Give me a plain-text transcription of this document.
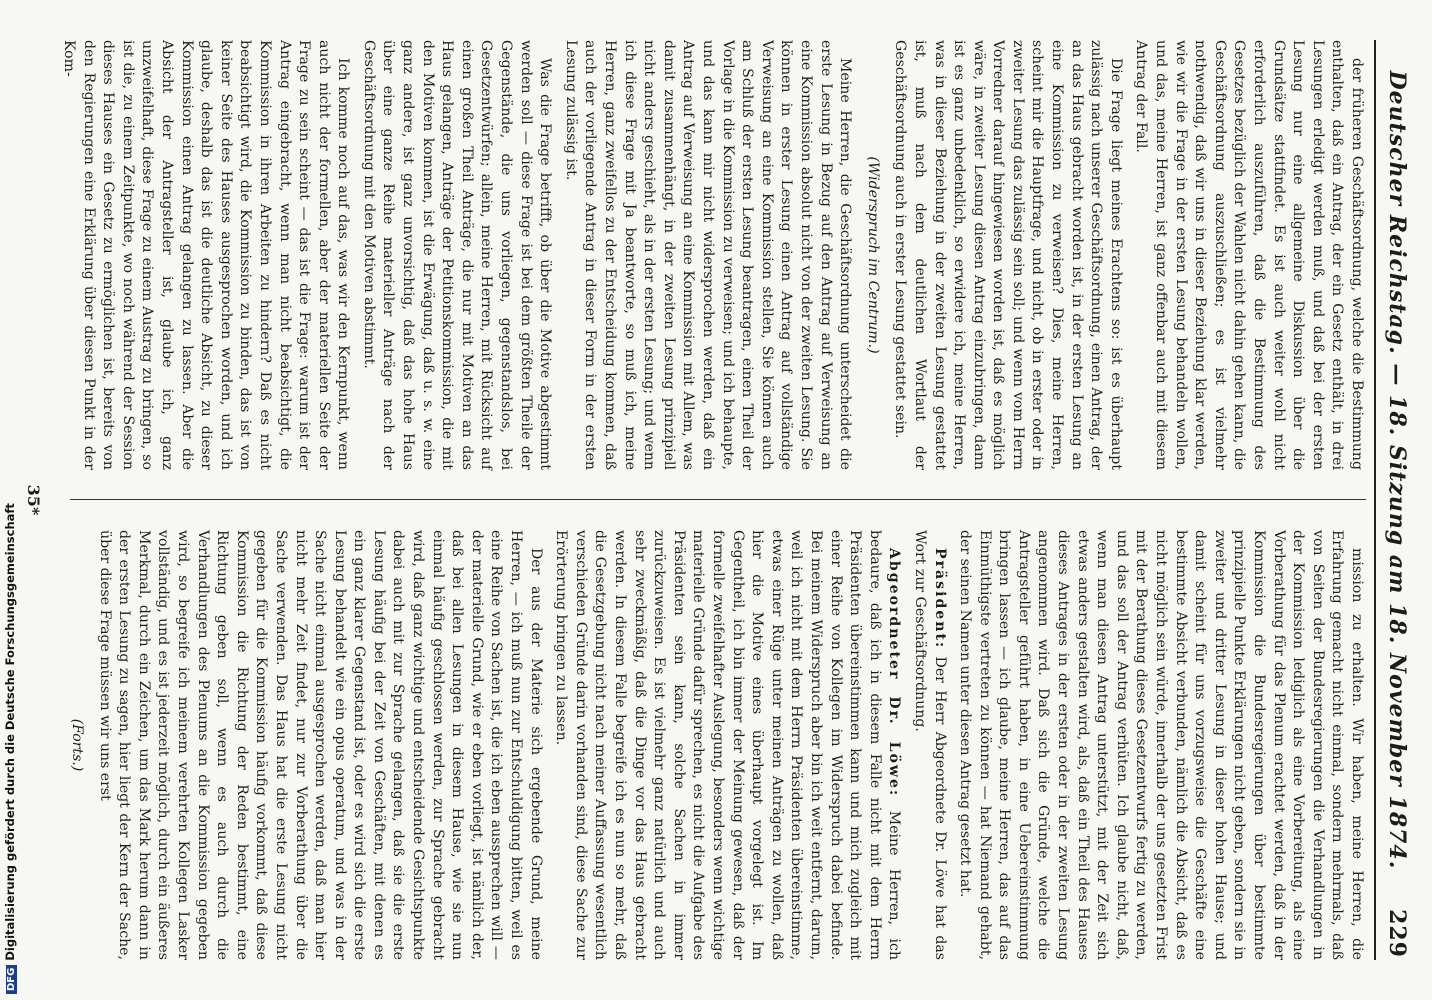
DFGDigitalisierung gefördert durch die Deutsche Forschungsgemeinschaft	Deutscher Reichstag. — 18. Sitzung am 18. November 1874.
229

der früheren Geschäftsordnung, welche die Bestimmung enthalten, daß ein Antrag, der ein Gesetz enthält, in drei Lesungen erledigt werden muß, und daß bei der ersten Lesung nur eine allgemeine Diskussion über die Grundsätze stattfindet. Es ist auch weiter wohl nicht erforderlich auszuführen, daß die Bestimmung des Gesetzes bezüglich der Wahlen nicht dahin gehen kann, die Geschäftsordnung auszuschließen; es ist vielmehr nothwendig, daß wir uns in dieser Beziehung klar werden, wie wir die Frage in der ersten Lesung behandeln wollen, und das, meine Herren, ist ganz offenbar auch mit diesem Antrag der Fall.

Die Frage liegt meines Erachtens so: ist es überhaupt zulässig nach unserer Geschäftsordnung, einen Antrag, der an das Haus gebracht worden ist, in der ersten Lesung an eine Kommission zu verweisen? Dies, meine Herren, scheint mir die Hauptfrage, und nicht, ob in erster oder in zweiter Lesung das zulässig sein soll; und wenn vom Herrn Vorredner darauf hingewiesen worden ist, daß es möglich wäre, in zweiter Lesung diesen Antrag einzubringen, dann ist es ganz unbedenklich, so erwidere ich, meine Herren, was in dieser Beziehung in der zweiten Lesung gestattet ist, muß nach dem deutlichen Wortlaut der Geschäftsordnung auch in erster Lesung gestattet sein.

(Widerspruch im Centrum.)

Meine Herren, die Geschäftsordnung unterscheidet die erste Lesung in Bezug auf den Antrag auf Verweisung an eine Kommission absolut nicht von der zweiten Lesung. Sie können in erster Lesung einen Antrag auf vollständige Verweisung an eine Kommission stellen, Sie können auch am Schluß der ersten Lesung beantragen, einen Theil der Vorlage in die Kommission zu verweisen; und ich behaupte, und das kann mir nicht widersprochen werden, daß ein Antrag auf Verweisung an eine Kommission mit Allem, was damit zusammenhängt, in der zweiten Lesung prinzipiell nicht anders geschieht, als in der ersten Lesung; und wenn ich diese Frage mit Ja beantworte, so muß ich, meine Herren, ganz zweifellos zu der Entscheidung kommen, daß auch der vorliegende Antrag in dieser Form in der ersten Lesung zulässig ist.

Was die Frage betrifft, ob über die Motive abgestimmt werden soll — diese Frage ist bei dem größten Theile der Gegenstände, die uns vorliegen, gegenstandslos, bei Gesetzentwürfen; allein, meine Herren, mit Rücksicht auf einen großen Theil Anträge, die nur mit Motiven an das Haus gelangen, Anträge der Petitionskommission, die mit den Motiven kommen, ist die Erwägung, daß u. s. w. eine ganz andere, ist ganz unvorsichtig, daß das hohe Haus über eine ganze Reihe materieller Anträge nach der Geschäftsordnung mit den Motiven abstimmt.

Ich komme noch auf das, was wir den Kernpunkt, wenn auch nicht der formellen, aber der materiellen Seite der Frage zu sein scheint — das ist die Frage: warum ist der Antrag eingebracht, wenn man nicht beabsichtigt, die Kommission in ihren Arbeiten zu hindern? Daß es nicht beabsichtigt wird, die Kommission zu binden, das ist von keiner Seite des Hauses ausgesprochen worden, und ich glaube, deshalb das ist die deutliche Absicht, zu dieser Kommission einen Antrag gelangen zu lassen. Aber die Absicht der Antragsteller ist, glaube ich, ganz unzweifelhaft, diese Frage zu einem Austrag zu bringen, so ist die, zu einem Zeitpunkte, wo noch während der Session dieses Hauses ein Gesetz zu ermöglichen ist, bereits von den Regierungen eine Erklärung über diesen Punkt in der Kom-

mission zu erhalten. Wir haben, meine Herren, die Erfahrung gemacht nicht einmal, sondern mehrmals, daß von Seiten der Bundesregierungen die Verhandlungen in der Kommission lediglich als eine Vorbereitung, als eine Vorberathung für das Plenum erachtet werden, daß in der Kommission die Bundesregierungen über bestimmte prinzipielle Punkte Erklärungen nicht geben, sondern sie in zweiter und dritter Lesung in dieser hohen Hause; und damit scheint für uns vorzugsweise die Geschäfte eine bestimmte Absicht verbunden, nämlich die Absicht, daß es nicht möglich sein würde, innerhalb der uns gesetzten Frist mit der Berathung dieses Gesetzentwurfs fertig zu werden, und das soll der Antrag verhüten. Ich glaube nicht, daß, wenn man diesen Antrag unterstützt, mit der Zeit sich etwas anders gestalten wird, als, daß ein Theil des Hauses dieses Antrages in der ersten oder in der zweiten Lesung angenommen wird. Daß sich die Gründe, welche die Antragsteller geführt haben, in eine Uebereinstimmung bringen lassen — ich glaube, meine Herren, das auf das Einmüthigste vertreten zu können — hat Niemand gehabt, der seinen Namen unter diesen Antrag gesetzt hat.

Präsident: Der Herr Abgeordnete Dr. Löwe hat das Wort zur Geschäftsordnung.

Abgeordneter Dr. Löwe: Meine Herren, ich bedaure, daß ich in diesem Falle nicht mit dem Herrn Präsidenten übereinstimmen kann und mich zugleich mit einer Reihe von Kollegen im Widerspruch dabei befinde. Bei meinem Widerspruch aber bin ich weit entfernt, darum, weil ich nicht mit dem Herrn Präsidenten übereinstimme, etwas einer Rüge unter meinen Anträgen zu wollen, daß hier die Motive eines überhaupt vorgelegt ist. Im Gegentheil, ich bin immer der Meinung gewesen, daß der formelle zweifelhafter Auslegung, besonders wenn wichtige materielle Gründe dafür sprechen, es nicht die Aufgabe des Präsidenten sein kann, solche Sachen in immer zurückzuweisen. Es ist vielmehr ganz natürlich und auch sehr zweckmäßig, daß die Dinge vor das Haus gebracht werden. In diesem Falle begreife ich es nun so mehr, daß die Gesetzgebung nicht nach meiner Auffassung wesentlich verschieden Gründe darin vorhanden sind, diese Sache zur Erörterung bringen zu lassen.

Der aus der Materie sich ergebende Grund, meine Herren, — ich muß nun zur Entschuldigung bitten, weil es eine Reihe von Sachen ist, die ich eben aussprechen will — der materielle Grund, wie er eben vorliegt, ist nämlich der, daß bei allen Lesungen in diesem Hause, wie sie nun einmal häufig geschlossen werden, zur Sprache gebracht wird, daß ganz wichtige und entscheidende Gesichtspunkte dabei auch mit zur Sprache gelangen, daß sie die erste Lesung häufig bei der Zeit von Geschäften, mit denen es ein ganz klarer Gegenstand ist, oder es wird sich die erste Lesung behandelt wie ein opus operatum, und was in der Sache nicht einmal ausgesprochen werden, daß man hier nicht mehr Zeit findet, nur zur Vorberathung über die Sache verwenden. Das Haus hat die erste Lesung nicht gegeben für die Kommission häufig vorkommt, daß diese Kommission die Richtung der Reden bestimmt, eine Richtung geben soll, wenn es auch durch die Verhandlungen des Plenums an die Kommission gegeben wird, so begreife ich meinem verehrten Kollegen Lasker vollständig, und es ist jederzeit möglich, durch ein äußeres Merkmal, durch ein Zeichen, um das Mark herum dann in der ersten Lesung zu sagen, hier liegt der Kern der Sache, über diese Frage müssen wir uns erst

(Forts.)

35*
